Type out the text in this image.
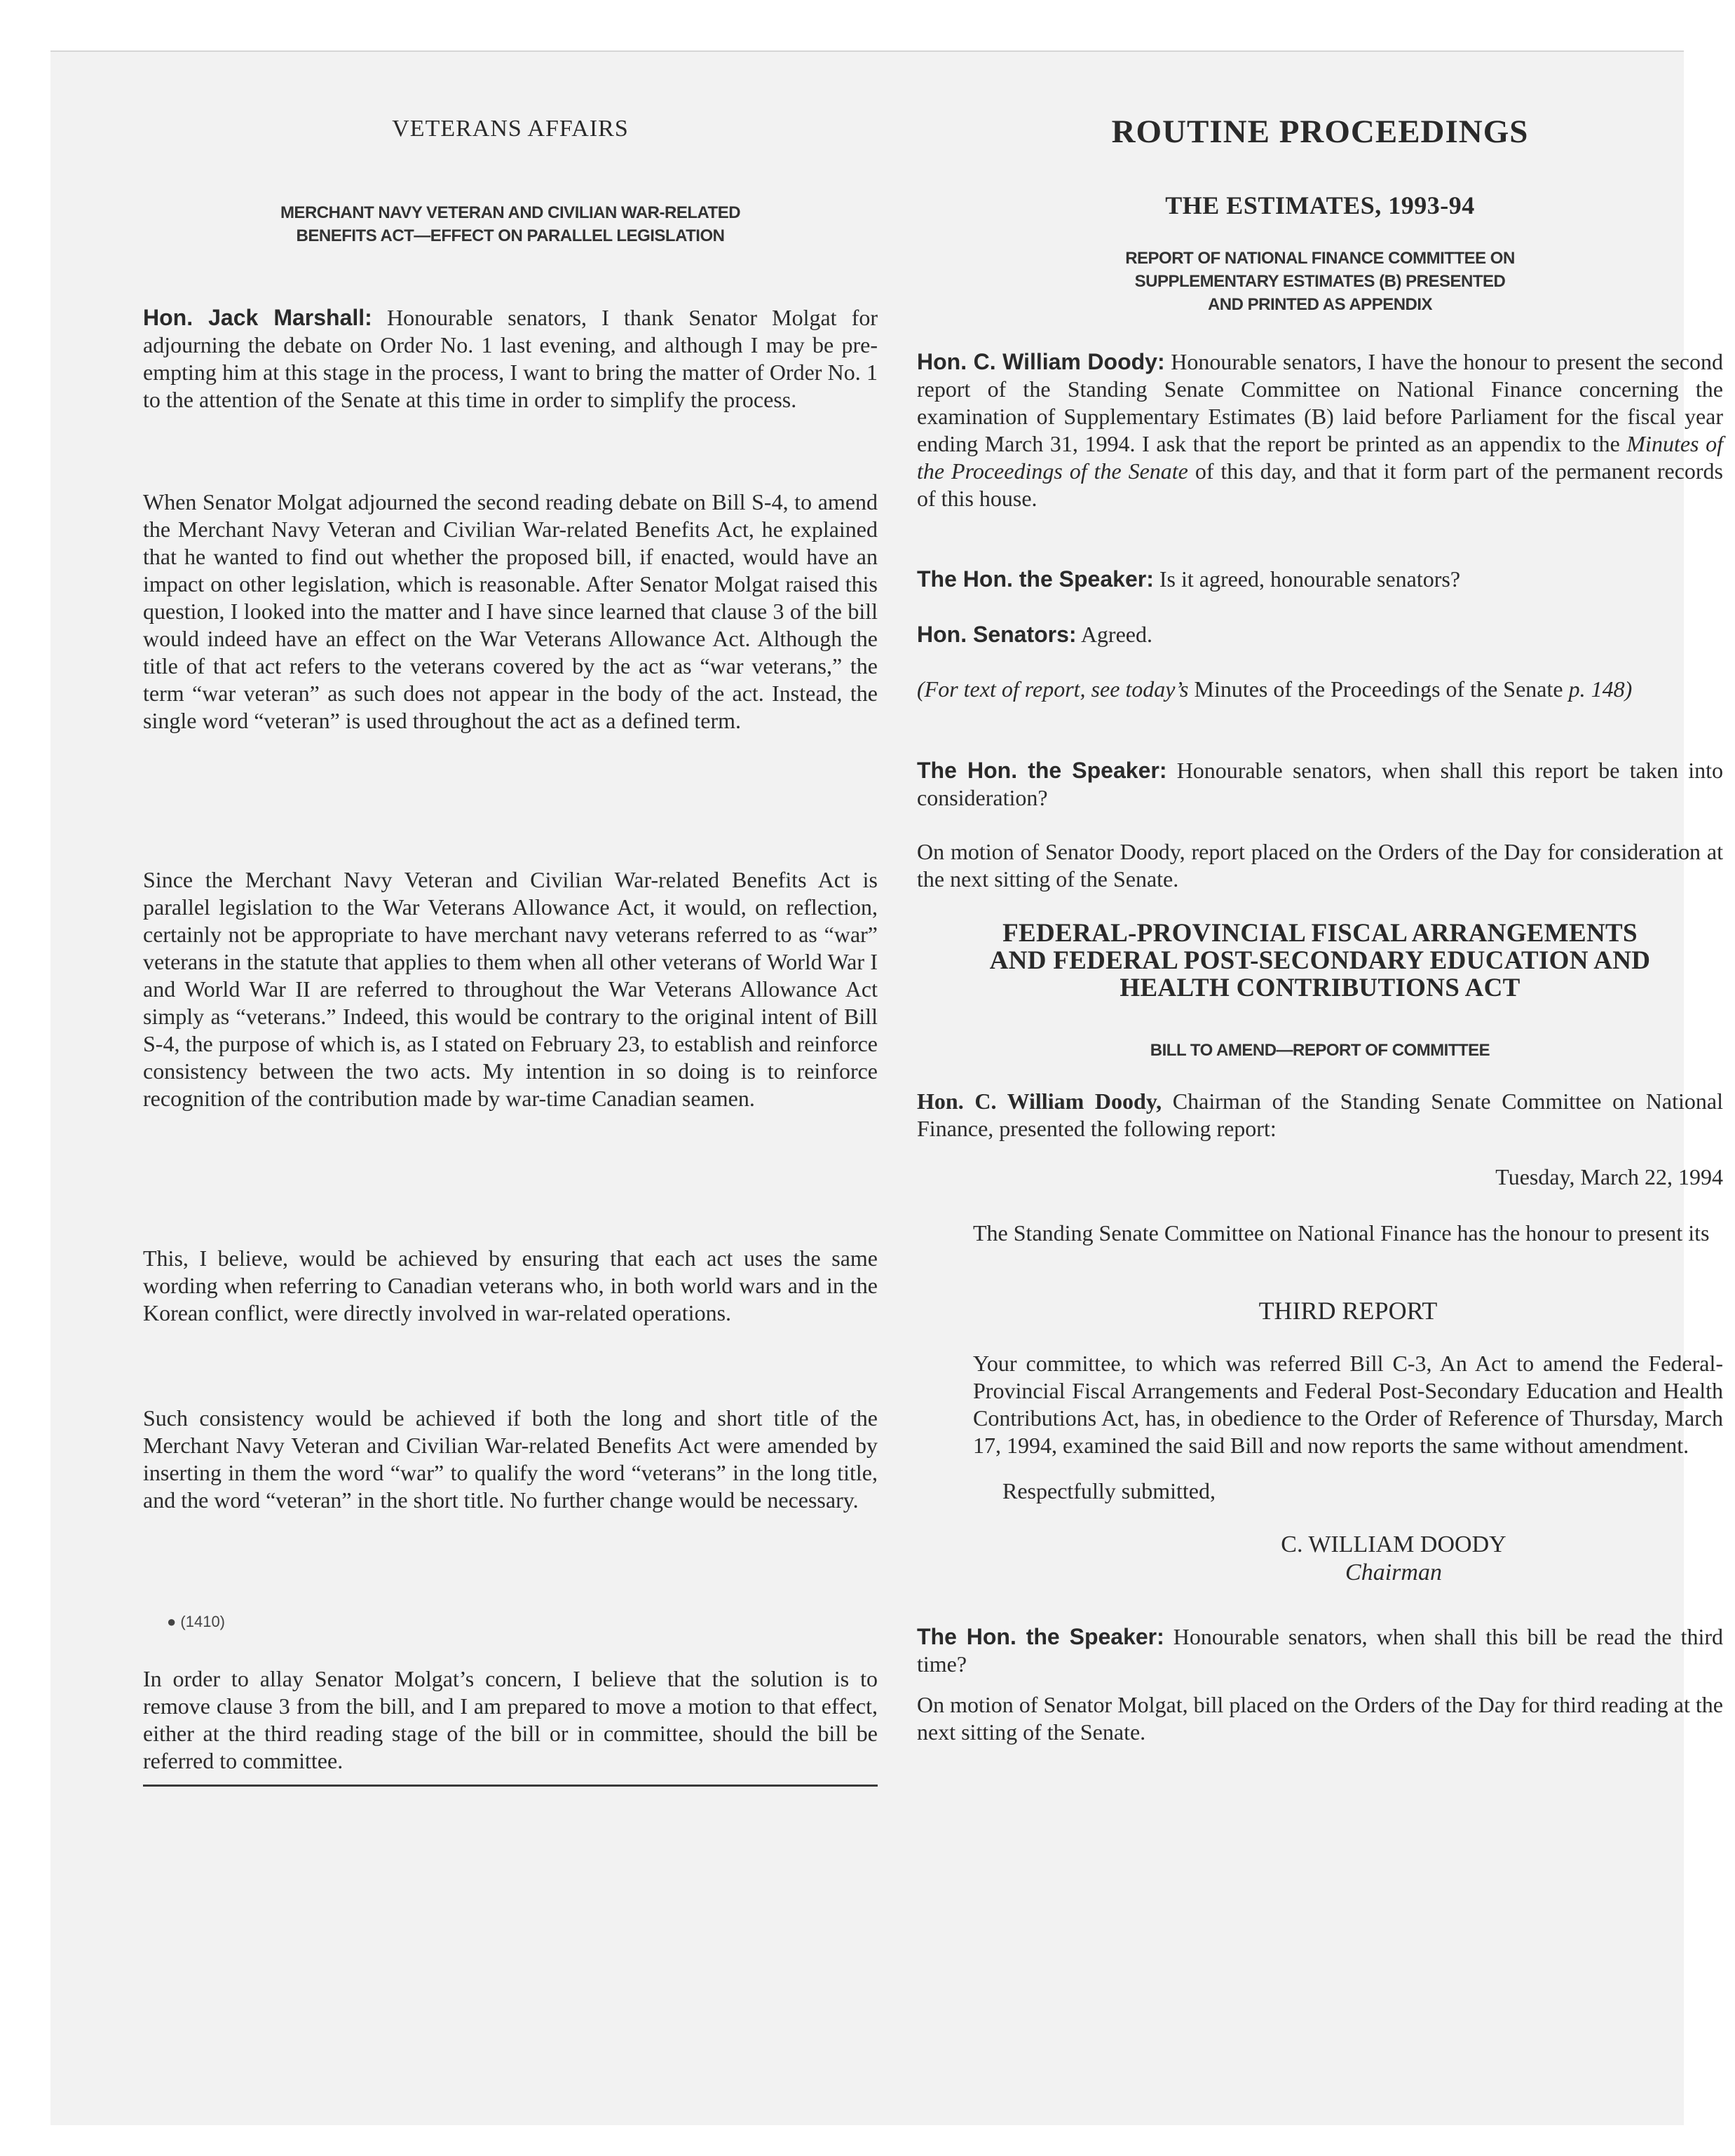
VETERANS AFFAIRS
MERCHANT NAVY VETERAN AND CIVILIAN WAR-RELATED
BENEFITS ACT—EFFECT ON PARALLEL LEGISLATION

Hon. Jack Marshall: Honourable senators, I thank Senator Molgat for adjourning the debate on Order No. 1 last evening, and although I may be pre-empting him at this stage in the process, I want to bring the matter of Order No. 1 to the attention of the Senate at this time in order to simplify the process.

When Senator Molgat adjourned the second reading debate on Bill S-4, to amend the Merchant Navy Veteran and Civilian War-related Benefits Act, he explained that he wanted to find out whether the proposed bill, if enacted, would have an impact on other legislation, which is reasonable. After Senator Molgat raised this question, I looked into the matter and I have since learned that clause 3 of the bill would indeed have an effect on the War Veterans Allowance Act. Although the title of that act refers to the veterans covered by the act as “war veterans,” the term “war veteran” as such does not appear in the body of the act. Instead, the single word “veteran” is used throughout the act as a defined term.

Since the Merchant Navy Veteran and Civilian War-related Benefits Act is parallel legislation to the War Veterans Allowance Act, it would, on reflection, certainly not be appropriate to have merchant navy veterans referred to as “war” veterans in the statute that applies to them when all other veterans of World War I and World War II are referred to throughout the War Veterans Allowance Act simply as “veterans.” Indeed, this would be contrary to the original intent of Bill S-4, the purpose of which is, as I stated on February 23, to establish and reinforce consistency between the two acts. My intention in so doing is to reinforce recognition of the contribution made by war-time Canadian seamen.

This, I believe, would be achieved by ensuring that each act uses the same wording when referring to Canadian veterans who, in both world wars and in the Korean conflict, were directly involved in war-related operations.

Such consistency would be achieved if both the long and short title of the Merchant Navy Veteran and Civilian War-related Benefits Act were amended by inserting in them the word “war” to qualify the word “veterans” in the long title, and the word “veteran” in the short title. No further change would be necessary.

● (1410)

In order to allay Senator Molgat’s concern, I believe that the solution is to remove clause 3 from the bill, and I am prepared to move a motion to that effect, either at the third reading stage of the bill or in committee, should the bill be referred to committee.

ROUTINE PROCEEDINGS
THE ESTIMATES, 1993-94
REPORT OF NATIONAL FINANCE COMMITTEE ON
SUPPLEMENTARY ESTIMATES (B) PRESENTED
AND PRINTED AS APPENDIX

Hon. C. William Doody: Honourable senators, I have the honour to present the second report of the Standing Senate Committee on National Finance concerning the examination of Supplementary Estimates (B) laid before Parliament for the fiscal year ending March 31, 1994. I ask that the report be printed as an appendix to the Minutes of the Proceedings of the Senate of this day, and that it form part of the permanent records of this house.

The Hon. the Speaker: Is it agreed, honourable senators?

Hon. Senators: Agreed.

(For text of report, see today’s Minutes of the Proceedings of the Senate p. 148)

The Hon. the Speaker: Honourable senators, when shall this report be taken into consideration?

On motion of Senator Doody, report placed on the Orders of the Day for consideration at the next sitting of the Senate.

FEDERAL-PROVINCIAL FISCAL ARRANGEMENTS
AND FEDERAL POST-SECONDARY EDUCATION AND
HEALTH CONTRIBUTIONS ACT
BILL TO AMEND—REPORT OF COMMITTEE

Hon. C. William Doody, Chairman of the Standing Senate Committee on National Finance, presented the following report:

Tuesday, March 22, 1994

The Standing Senate Committee on National Finance has the honour to present its

THIRD REPORT

Your committee, to which was referred Bill C-3, An Act to amend the Federal-Provincial Fiscal Arrangements and Federal Post-Secondary Education and Health Contributions Act, has, in obedience to the Order of Reference of Thursday, March 17, 1994, examined the said Bill and now reports the same without amendment.

Respectfully submitted,

C. WILLIAM DOODY

Chairman

The Hon. the Speaker: Honourable senators, when shall this bill be read the third time?

On motion of Senator Molgat, bill placed on the Orders of the Day for third reading at the next sitting of the Senate.
